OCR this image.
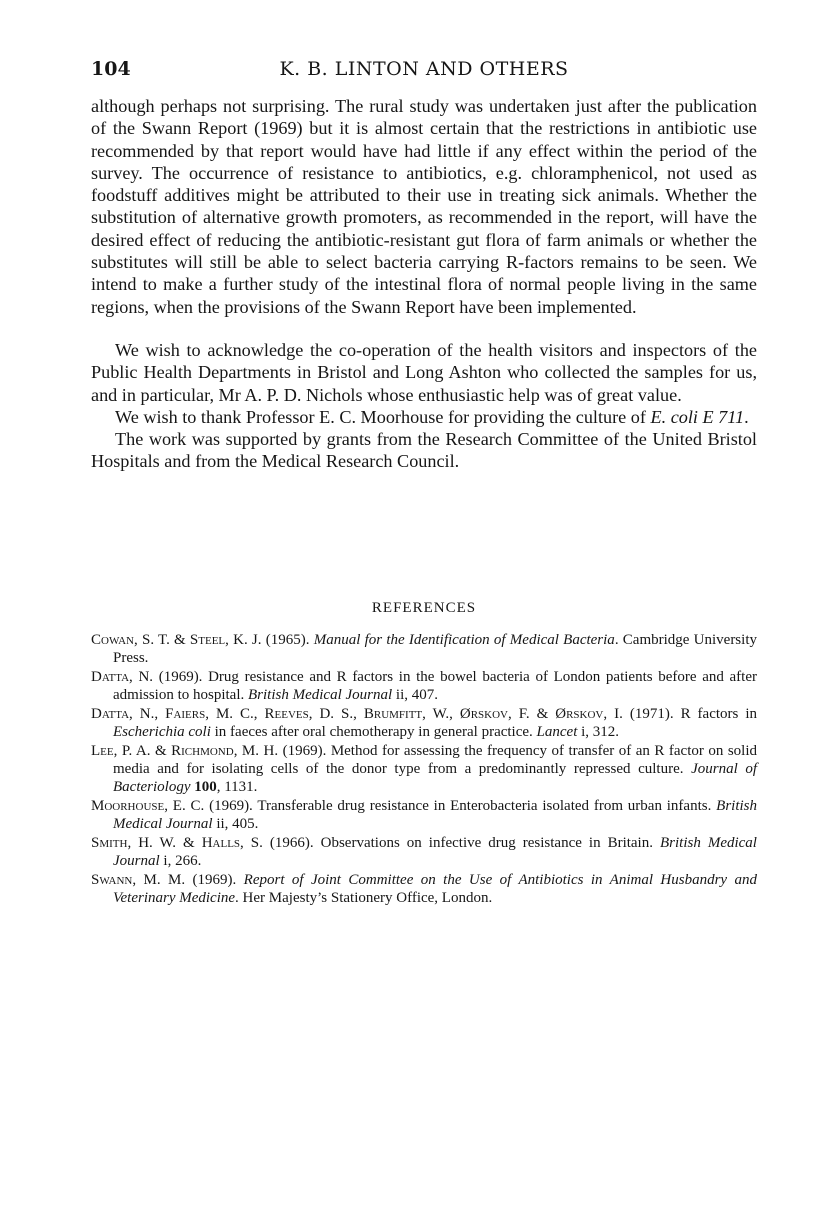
104	K. B. LINTON AND OTHERS

although perhaps not surprising. The rural study was undertaken just after the publication of the Swann Report (1969) but it is almost certain that the restrictions in antibiotic use recommended by that report would have had little if any effect within the period of the survey. The occurrence of resistance to antibiotics, e.g. chloramphenicol, not used as foodstuff additives might be attributed to their use in treating sick animals. Whether the substitution of alternative growth promoters, as recommended in the report, will have the desired effect of reducing the antibiotic-resistant gut flora of farm animals or whether the substitutes will still be able to select bacteria carrying R-factors remains to be seen. We intend to make a further study of the intestinal flora of normal people living in the same regions, when the provisions of the Swann Report have been implemented.

We wish to acknowledge the co-operation of the health visitors and inspectors of the Public Health Departments in Bristol and Long Ashton who collected the samples for us, and in particular, Mr A. P. D. Nichols whose enthusiastic help was of great value.

We wish to thank Professor E. C. Moorhouse for providing the culture of E. coli E 711.

The work was supported by grants from the Research Committee of the United Bristol Hospitals and from the Medical Research Council.

REFERENCES

Cowan, S. T. & Steel, K. J. (1965). Manual for the Identification of Medical Bacteria. Cambridge University Press.

Datta, N. (1969). Drug resistance and R factors in the bowel bacteria of London patients before and after admission to hospital. British Medical Journal ii, 407.

Datta, N., Faiers, M. C., Reeves, D. S., Brumfitt, W., Ørskov, F. & Ørskov, I. (1971). R factors in Escherichia coli in faeces after oral chemotherapy in general practice. Lancet i, 312.

Lee, P. A. & Richmond, M. H. (1969). Method for assessing the frequency of transfer of an R factor on solid media and for isolating cells of the donor type from a predominantly repressed culture. Journal of Bacteriology 100, 1131.

Moorhouse, E. C. (1969). Transferable drug resistance in Enterobacteria isolated from urban infants. British Medical Journal ii, 405.

Smith, H. W. & Halls, S. (1966). Observations on infective drug resistance in Britain. British Medical Journal i, 266.

Swann, M. M. (1969). Report of Joint Committee on the Use of Antibiotics in Animal Husbandry and Veterinary Medicine. Her Majesty’s Stationery Office, London.
